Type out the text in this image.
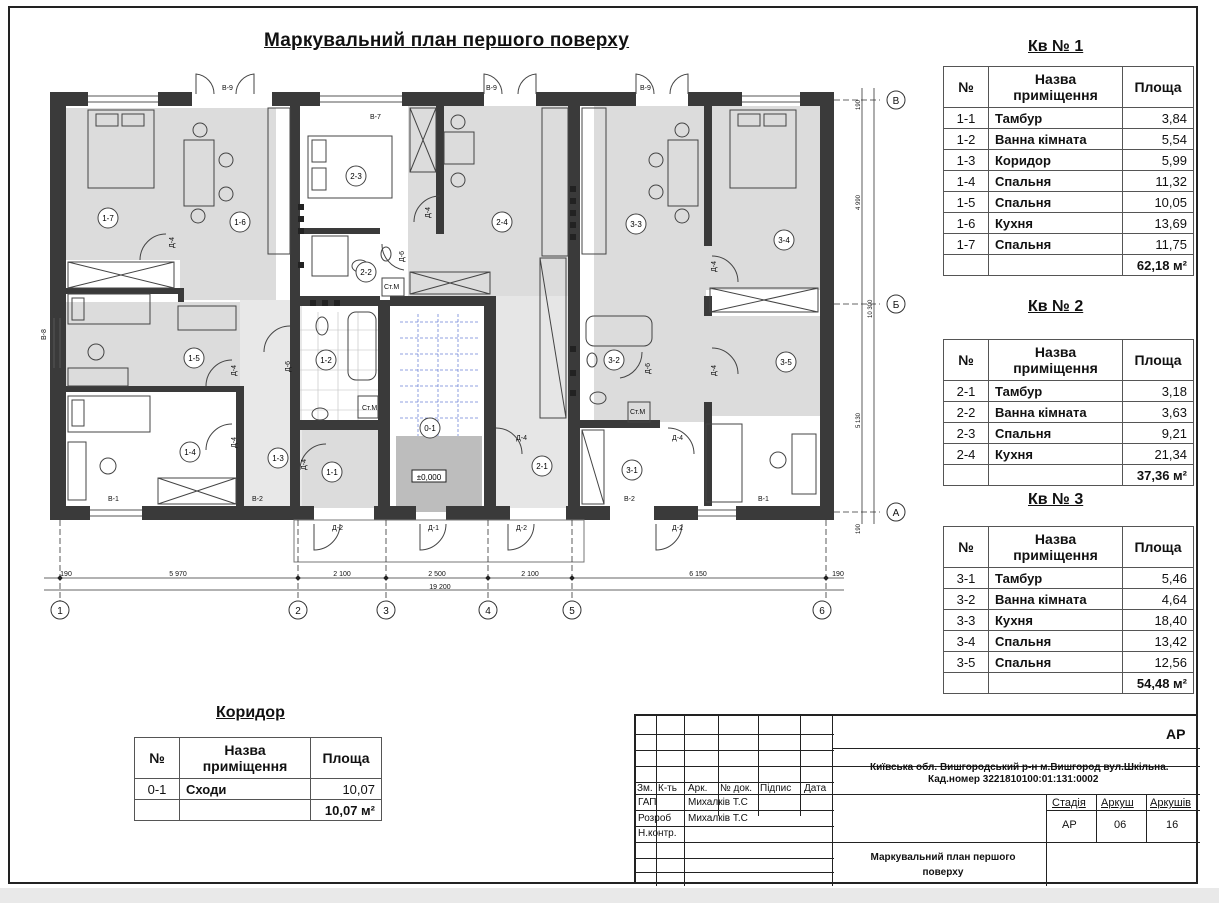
Маркувальний план першого поверху
±0,000
1-7	1-6
1-5
1-4
1-3
1-2
1-1
2-3
2-2
2-4
2-1
0-1
3-3
3-4
3-5
3-2
3-1
В-9	В-9	В-9
В-7
В-1	В-1
В-2	В-2
Д-2	Д-2	Д-2
Д-1
Д-4	Д-4
Ст.М
Ст.М
Ст.М
Д-4
Д-4
Д-4
Д-6
Д-4
Д-4
Д-6
Д-6
Д-4
Д-4
В-8
190	5 970	2 100	2 500	2 100	6 150	190
19 200
4 990
5 130
10 300
190
190
1	2	3	4	5	6
В
Б
А
Кв № 1
№	Назва приміщення	Площа
1-1	Тамбур	3,84
1-2	Ванна кімната	5,54
1-3	Коридор	5,99
1-4	Спальня	11,32
1-5	Спальня	10,05
1-6	Кухня	13,69
1-7	Спальня	11,75
		62,18 м²
Кв № 2
№	Назва приміщення	Площа
2-1	Тамбур	3,18
2-2	Ванна кімната	3,63
2-3	Спальня	9,21
2-4	Кухня	21,34
		37,36 м²
Кв № 3
№	Назва приміщення	Площа
3-1	Тамбур	5,46
3-2	Ванна кімната	4,64
3-3	Кухня	18,40
3-4	Спальня	13,42
3-5	Спальня	12,56
		54,48 м²
Коридор
№	Назва приміщення	Площа
0-1	Сходи	10,07
		10,07 м²
АР
Київська обл. Вишгородський р-н м.Вишгород вул.Шкільна.
Кад.номер 3221810100:01:131:0002
Зм. К-ть Арк. № док. Підпис Дата
ГАП
Розроб
Н.контр.
Михалків Т.С
Михалків Т.С
Стадія Аркуш Аркушів
АР	06	16
Маркувальний план першого поверху
